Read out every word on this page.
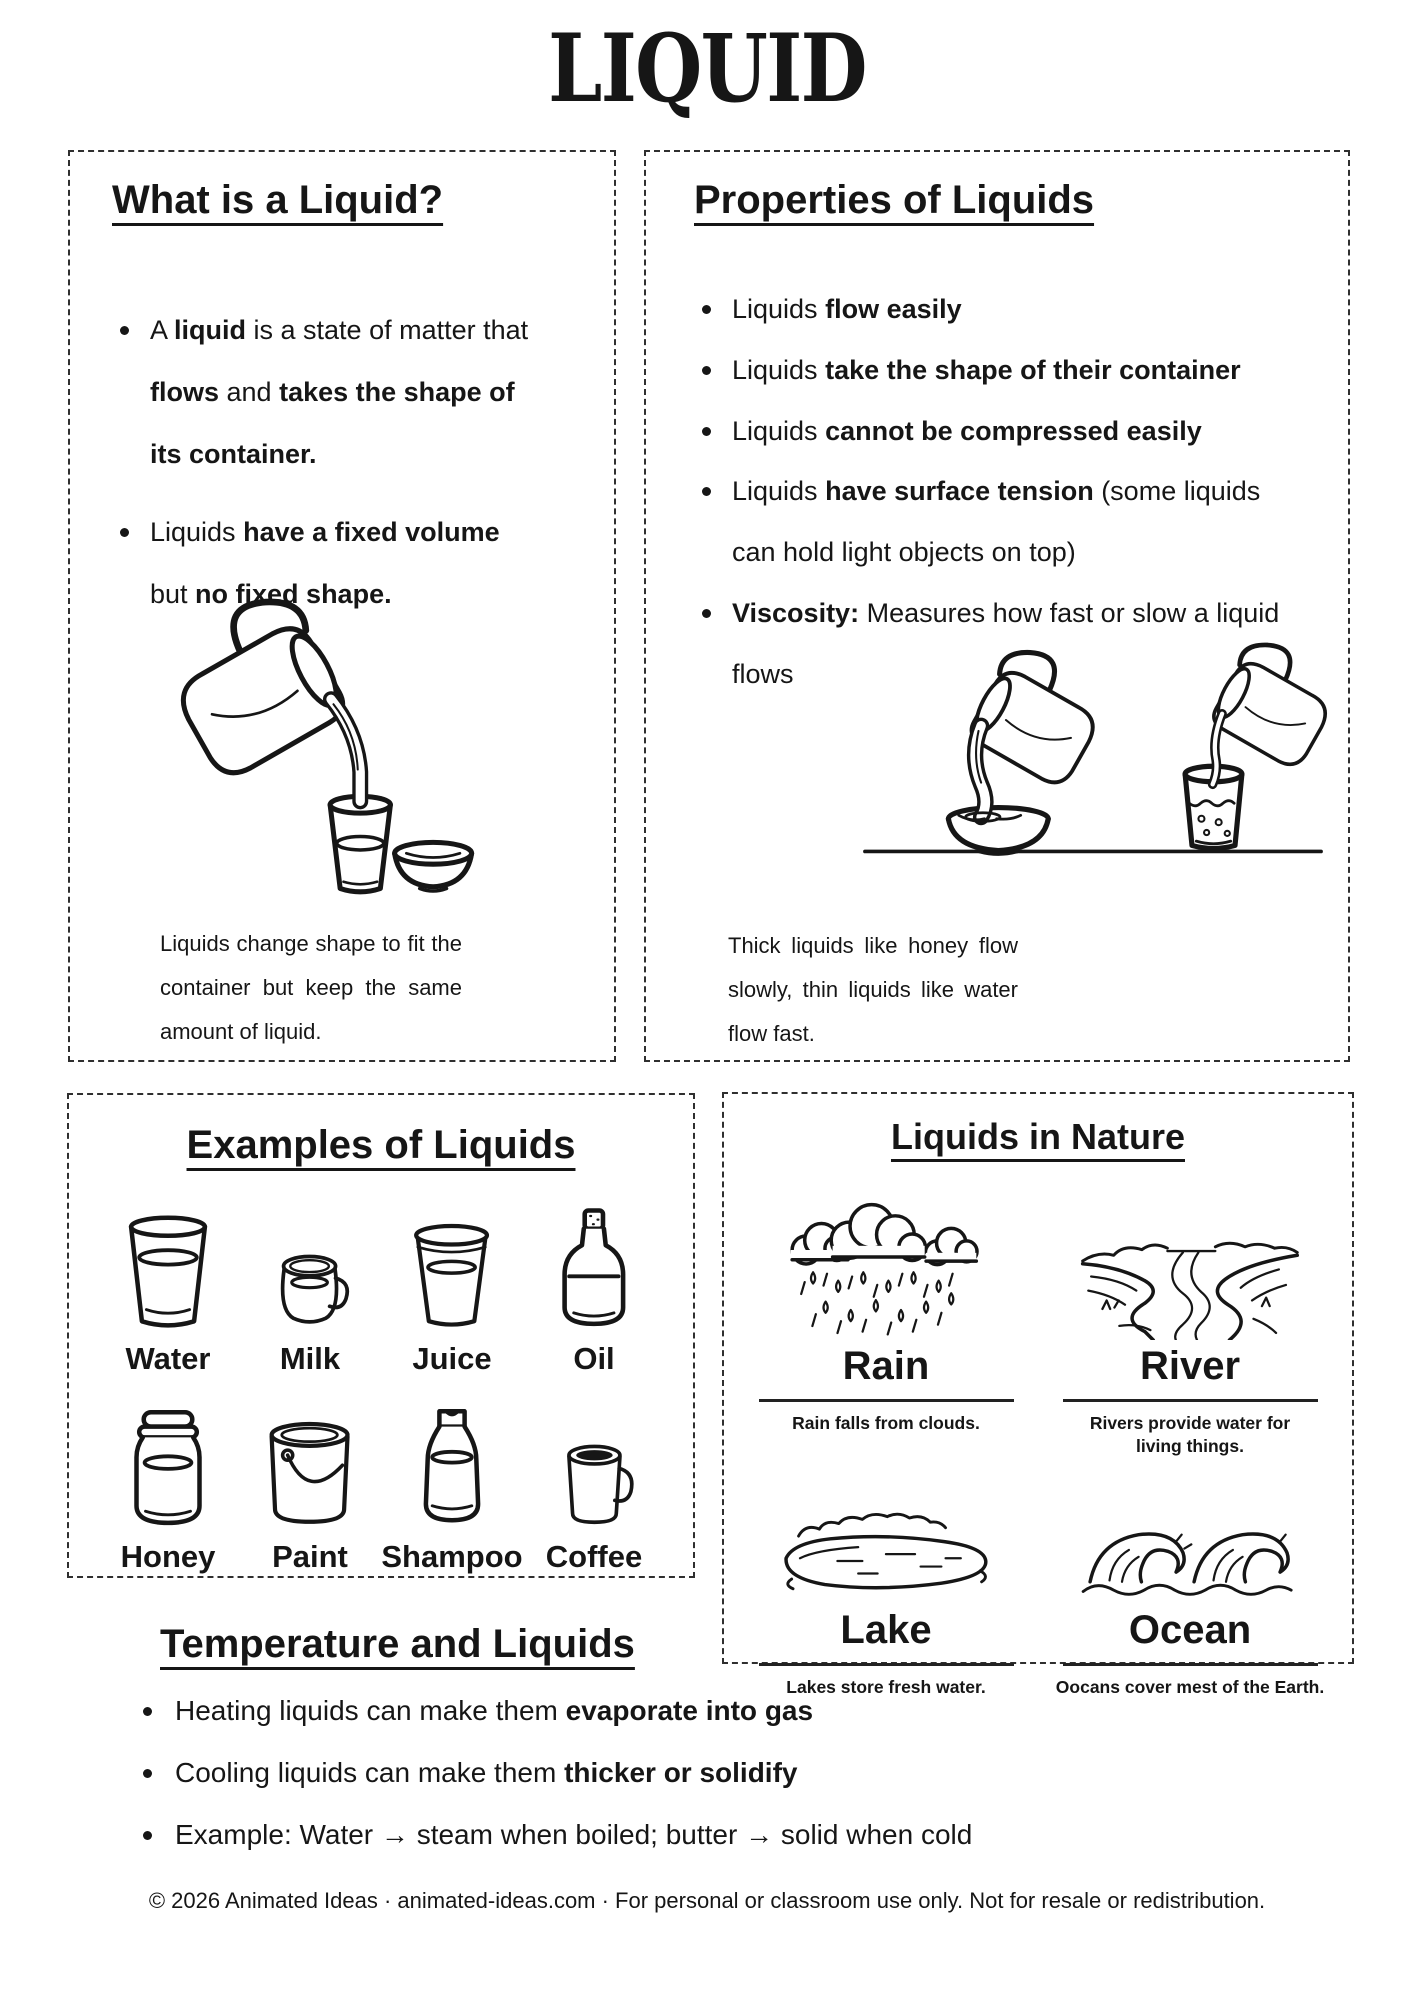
LIQUID
What is a Liquid?
A liquid is a state of matter that flows and takes the shape of its container.
Liquids have a fixed volume but no fixed shape.

Liquids change shape to fit the container but keep the same amount of liquid.

Properties of Liquids
Liquids flow easily
Liquids take the shape of their container
Liquids cannot be compressed easily
Liquids have surface tension (some liquids can hold light objects on top)
Viscosity: Measures how fast or slow a liquid flows

Thick liquids like honey flow slowly, thin liquids like water flow fast.

Examples of Liquids
Water Milk Juice	Oil
Honey Paint Shampoo Coffee
Liquids in Nature
Rain
Rain falls from clouds.
River
Rivers provide water for living things.
Lake
Lakes store fresh water.
Ocean
Oocans cover mest of the Earth.
Temperature and Liquids
Heating liquids can make them evaporate into gas
Cooling liquids can make them thicker or solidify
Example: Water → steam when boiled; butter → solid when cold
© 2026 Animated Ideas · animated-ideas.com · For personal or classroom use only. Not for resale or redistribution.
